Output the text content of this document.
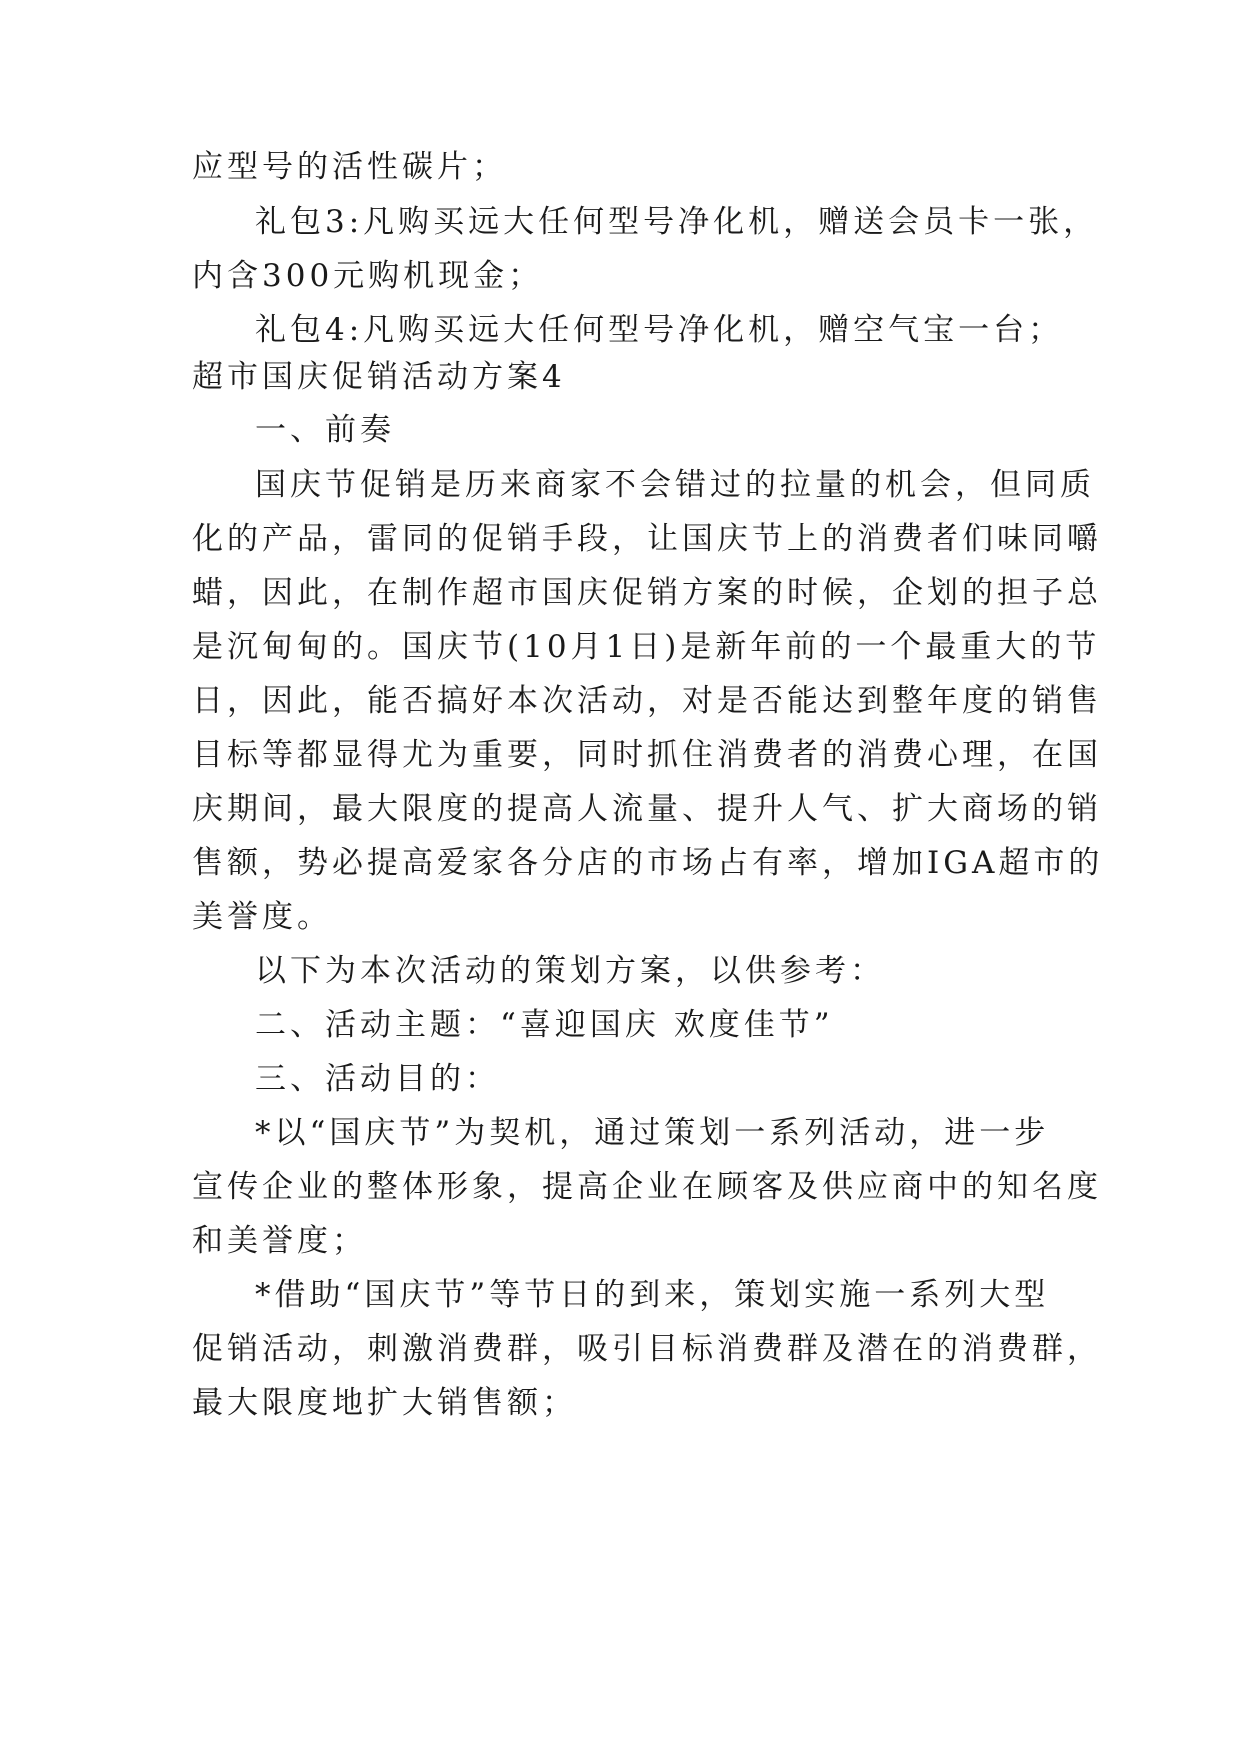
应型号的活性碳片；
礼包3:凡购买远大任何型号净化机，赠送会员卡一张，
内含300元购机现金；
礼包4:凡购买远大任何型号净化机，赠空气宝一台；
超市国庆促销活动方案4
一、前奏
国庆节促销是历来商家不会错过的拉量的机会，但同质
化的产品，雷同的促销手段，让国庆节上的消费者们味同嚼
蜡，因此，在制作超市国庆促销方案的时候，企划的担子总
是沉甸甸的。国庆节(10月1日)是新年前的一个最重大的节
日，因此，能否搞好本次活动，对是否能达到整年度的销售
目标等都显得尤为重要，同时抓住消费者的消费心理，在国
庆期间，最大限度的提高人流量、提升人气、扩大商场的销
售额，势必提高爱家各分店的市场占有率，增加IGA超市的
美誉度。
以下为本次活动的策划方案，以供参考：
二、活动主题：“喜迎国庆 欢度佳节”
三、活动目的：
*以“国庆节”为契机，通过策划一系列活动，进一步
宣传企业的整体形象，提高企业在顾客及供应商中的知名度
和美誉度；
*借助“国庆节”等节日的到来，策划实施一系列大型
促销活动，刺激消费群，吸引目标消费群及潜在的消费群，
最大限度地扩大销售额；
